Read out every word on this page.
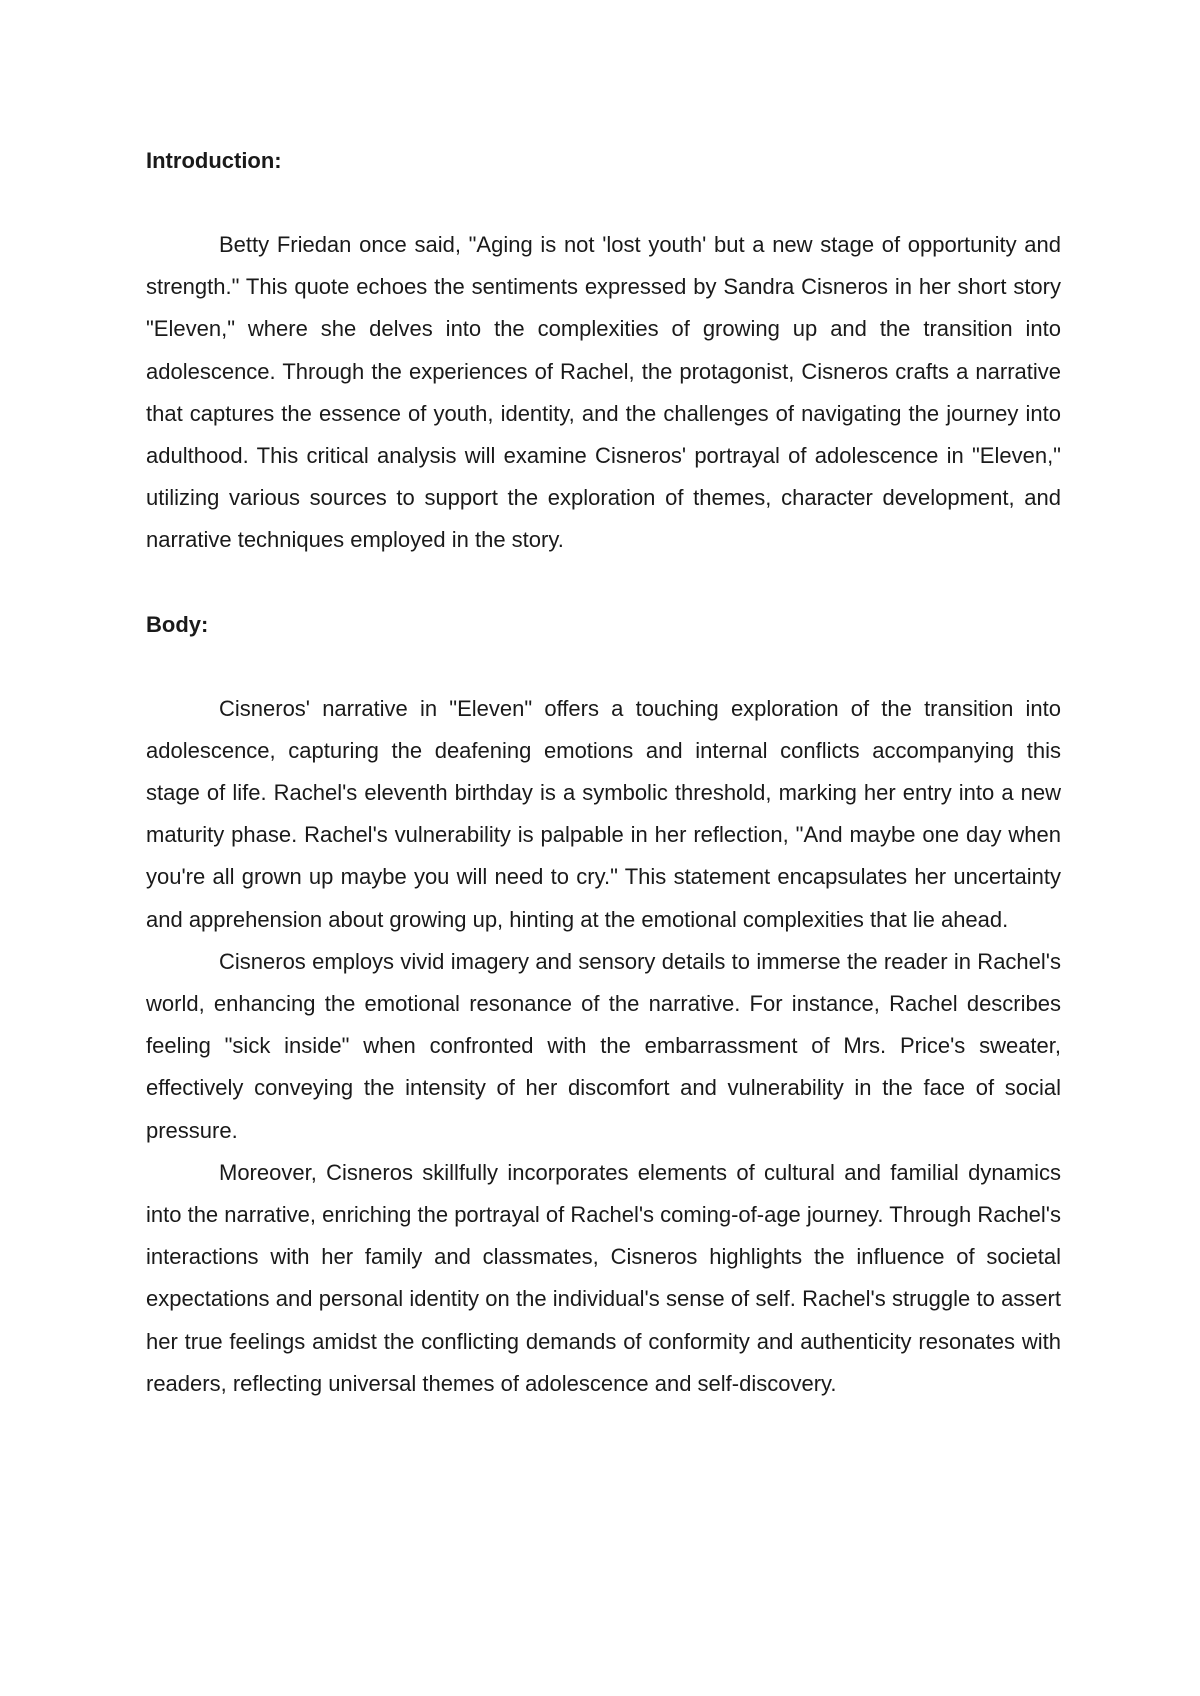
Introduction:

Betty Friedan once said, "Aging is not 'lost youth' but a new stage of opportunity and strength." This quote echoes the sentiments expressed by Sandra Cisneros in her short story "Eleven," where she delves into the complexities of growing up and the transition into adolescence. Through the experiences of Rachel, the protagonist, Cisneros crafts a narrative that captures the essence of youth, identity, and the challenges of navigating the journey into adulthood. This critical analysis will examine Cisneros' portrayal of adolescence in "Eleven," utilizing various sources to support the exploration of themes, character development, and narrative techniques employed in the story.

Body:

Cisneros' narrative in "Eleven" offers a touching exploration of the transition into adolescence, capturing the deafening emotions and internal conflicts accompanying this stage of life. Rachel's eleventh birthday is a symbolic threshold, marking her entry into a new maturity phase. Rachel's vulnerability is palpable in her reflection, "And maybe one day when you're all grown up maybe you will need to cry." This statement encapsulates her uncertainty and apprehension about growing up, hinting at the emotional complexities that lie ahead.

Cisneros employs vivid imagery and sensory details to immerse the reader in Rachel's world, enhancing the emotional resonance of the narrative. For instance, Rachel describes feeling "sick inside" when confronted with the embarrassment of Mrs. Price's sweater, effectively conveying the intensity of her discomfort and vulnerability in the face of social pressure.

Moreover, Cisneros skillfully incorporates elements of cultural and familial dynamics into the narrative, enriching the portrayal of Rachel's coming-of-age journey. Through Rachel's interactions with her family and classmates, Cisneros highlights the influence of societal expectations and personal identity on the individual's sense of self. Rachel's struggle to assert her true feelings amidst the conflicting demands of conformity and authenticity resonates with readers, reflecting universal themes of adolescence and self-discovery.
